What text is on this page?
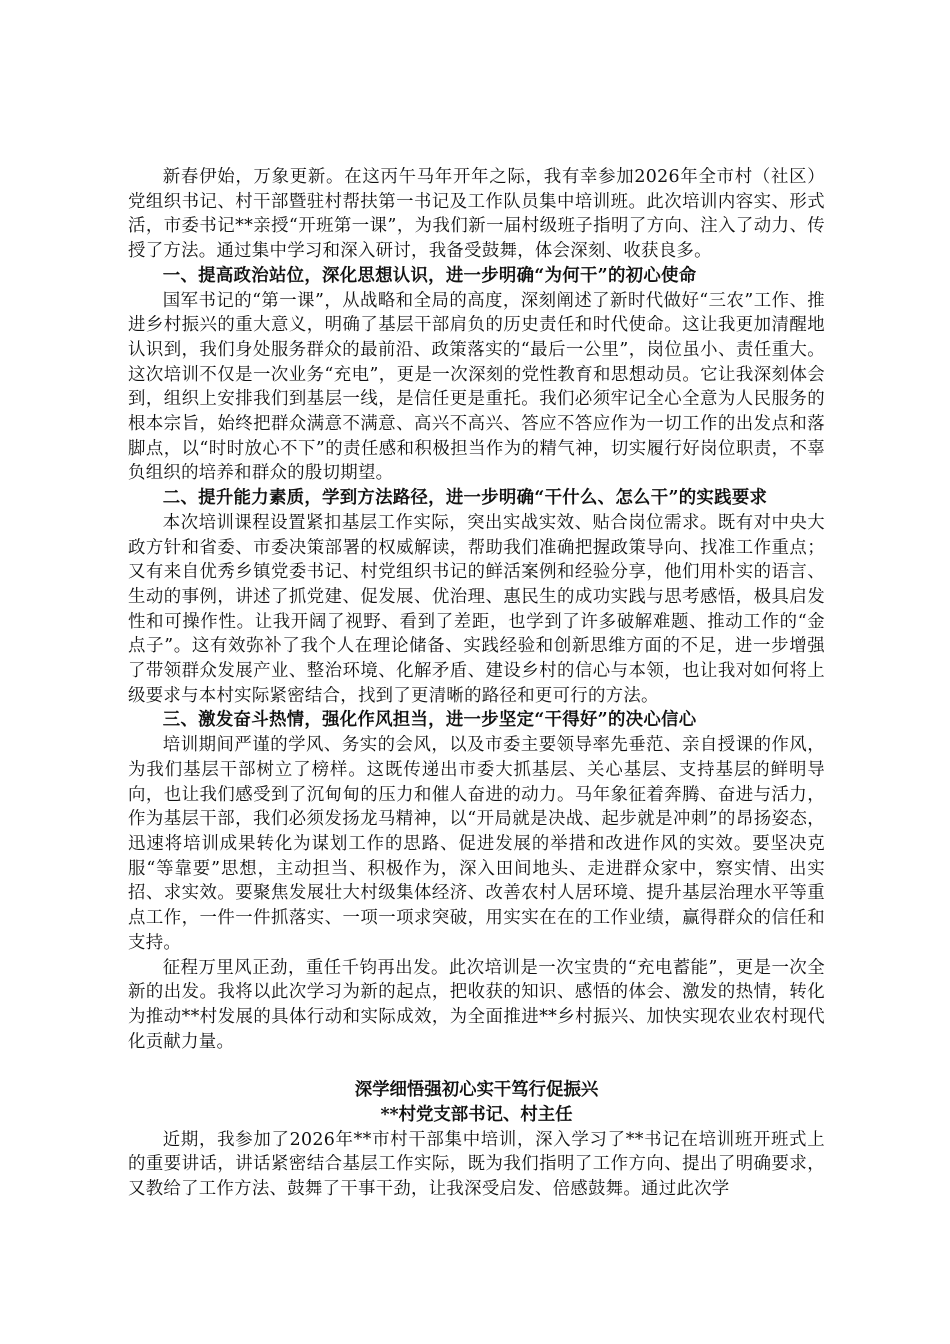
新春伊始，万象更新。在这丙午马年开年之际，我有幸参加2026年全市村（社区）党组织书记、村干部暨驻村帮扶第一书记及工作队员集中培训班。此次培训内容实、形式活，市委书记**亲授“开班第一课”，为我们新一届村级班子指明了方向、注入了动力、传授了方法。通过集中学习和深入研讨，我备受鼓舞，体会深刻、收获良多。

一、提高政治站位，深化思想认识，进一步明确“为何干”的初心使命

国军书记的“第一课”，从战略和全局的高度，深刻阐述了新时代做好“三农”工作、推进乡村振兴的重大意义，明确了基层干部肩负的历史责任和时代使命。这让我更加清醒地认识到，我们身处服务群众的最前沿、政策落实的“最后一公里”，岗位虽小、责任重大。这次培训不仅是一次业务“充电”，更是一次深刻的党性教育和思想动员。它让我深刻体会到，组织上安排我们到基层一线，是信任更是重托。我们必须牢记全心全意为人民服务的根本宗旨，始终把群众满意不满意、高兴不高兴、答应不答应作为一切工作的出发点和落脚点，以“时时放心不下”的责任感和积极担当作为的精气神，切实履行好岗位职责，不辜负组织的培养和群众的殷切期望。

二、提升能力素质，学到方法路径，进一步明确“干什么、怎么干”的实践要求

本次培训课程设置紧扣基层工作实际，突出实战实效、贴合岗位需求。既有对中央大政方针和省委、市委决策部署的权威解读，帮助我们准确把握政策导向、找准工作重点；又有来自优秀乡镇党委书记、村党组织书记的鲜活案例和经验分享，他们用朴实的语言、生动的事例，讲述了抓党建、促发展、优治理、惠民生的成功实践与思考感悟，极具启发性和可操作性。让我开阔了视野、看到了差距，也学到了许多破解难题、推动工作的“金点子”。这有效弥补了我个人在理论储备、实践经验和创新思维方面的不足，进一步增强了带领群众发展产业、整治环境、化解矛盾、建设乡村的信心与本领，也让我对如何将上级要求与本村实际紧密结合，找到了更清晰的路径和更可行的方法。

三、激发奋斗热情，强化作风担当，进一步坚定“干得好”的决心信心

培训期间严谨的学风、务实的会风，以及市委主要领导率先垂范、亲自授课的作风，为我们基层干部树立了榜样。这既传递出市委大抓基层、关心基层、支持基层的鲜明导向，也让我们感受到了沉甸甸的压力和催人奋进的动力。马年象征着奔腾、奋进与活力，作为基层干部，我们必须发扬龙马精神，以“开局就是决战、起步就是冲刺”的昂扬姿态，迅速将培训成果转化为谋划工作的思路、促进发展的举措和改进作风的实效。要坚决克服“等靠要”思想，主动担当、积极作为，深入田间地头、走进群众家中，察实情、出实招、求实效。要聚焦发展壮大村级集体经济、改善农村人居环境、提升基层治理水平等重点工作，一件一件抓落实、一项一项求突破，用实实在在的工作业绩，赢得群众的信任和支持。

征程万里风正劲，重任千钧再出发。此次培训是一次宝贵的“充电蓄能”，更是一次全新的出发。我将以此次学习为新的起点，把收获的知识、感悟的体会、激发的热情，转化为推动**村发展的具体行动和实际成效，为全面推进**乡村振兴、加快实现农业农村现代化贡献力量。

深学细悟强初心实干笃行促振兴
**村党支部书记、村主任

近期，我参加了2026年**市村干部集中培训，深入学习了**书记在培训班开班式上的重要讲话，讲话紧密结合基层工作实际，既为我们指明了工作方向、提出了明确要求，又教给了工作方法、鼓舞了干事干劲，让我深受启发、倍感鼓舞。通过此次学
